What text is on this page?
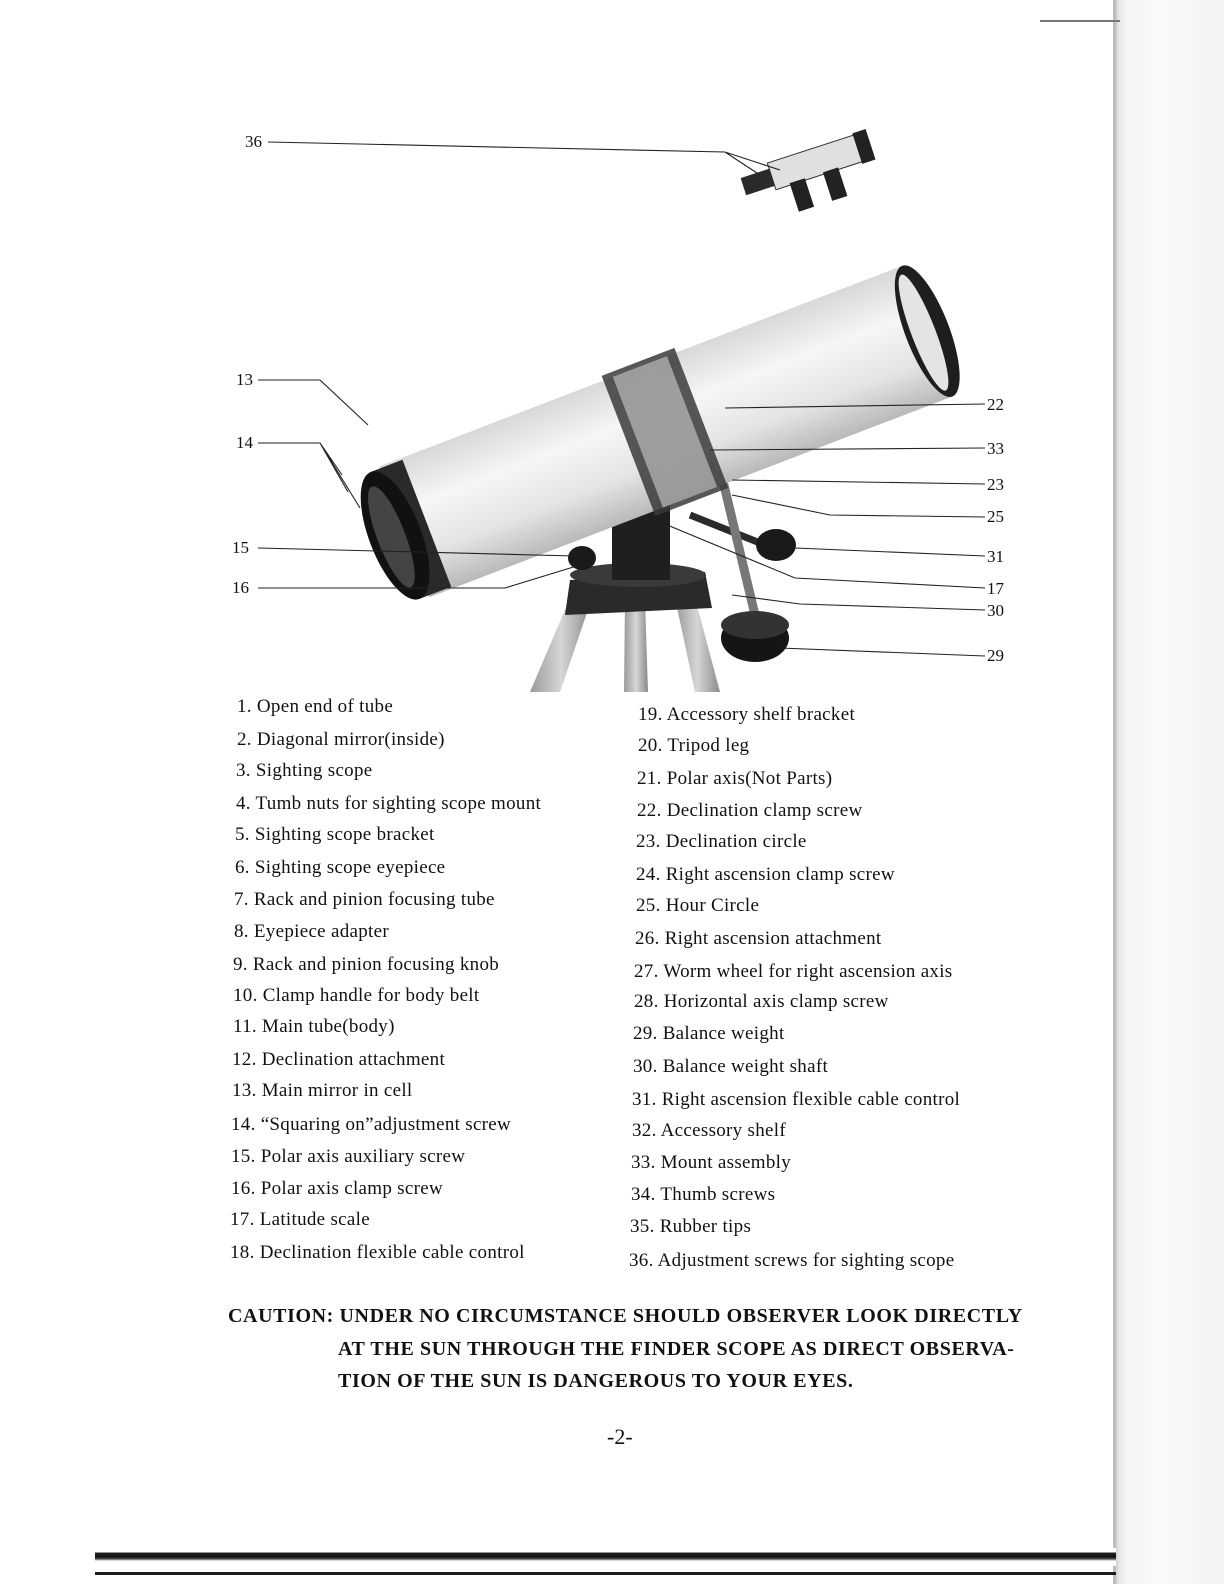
36
13
14
15
16
22
33
23
25
31
17
30
29
1. Open end of tube
2. Diagonal mirror(inside)
3. Sighting scope
4. Tumb nuts for sighting scope mount
5. Sighting scope bracket
6. Sighting scope eyepiece
7. Rack and pinion focusing tube
8. Eyepiece adapter
9. Rack and pinion focusing knob
10. Clamp handle for body belt
11. Main tube(body)
12. Declination attachment
13. Main mirror in cell
14. “Squaring on”adjustment screw
15. Polar axis auxiliary screw
16. Polar axis clamp screw
17. Latitude scale
18. Declination flexible cable control
19. Accessory shelf bracket
20. Tripod leg
21. Polar axis(Not Parts)
22. Declination clamp screw
23. Declination circle
24. Right ascension clamp screw
25. Hour Circle
26. Right ascension attachment
27. Worm wheel for right ascension axis
28. Horizontal axis clamp screw
29. Balance weight
30. Balance weight shaft
31. Right ascension flexible cable control
32. Accessory shelf
33. Mount assembly
34. Thumb screws
35. Rubber tips
36. Adjustment screws for sighting scope
CAUTION: UNDER NO CIRCUMSTANCE SHOULD OBSERVER LOOK DIRECTLY
AT THE SUN THROUGH THE FINDER SCOPE AS DIRECT OBSERVA-
TION OF THE SUN IS DANGEROUS TO YOUR EYES.
-2-
